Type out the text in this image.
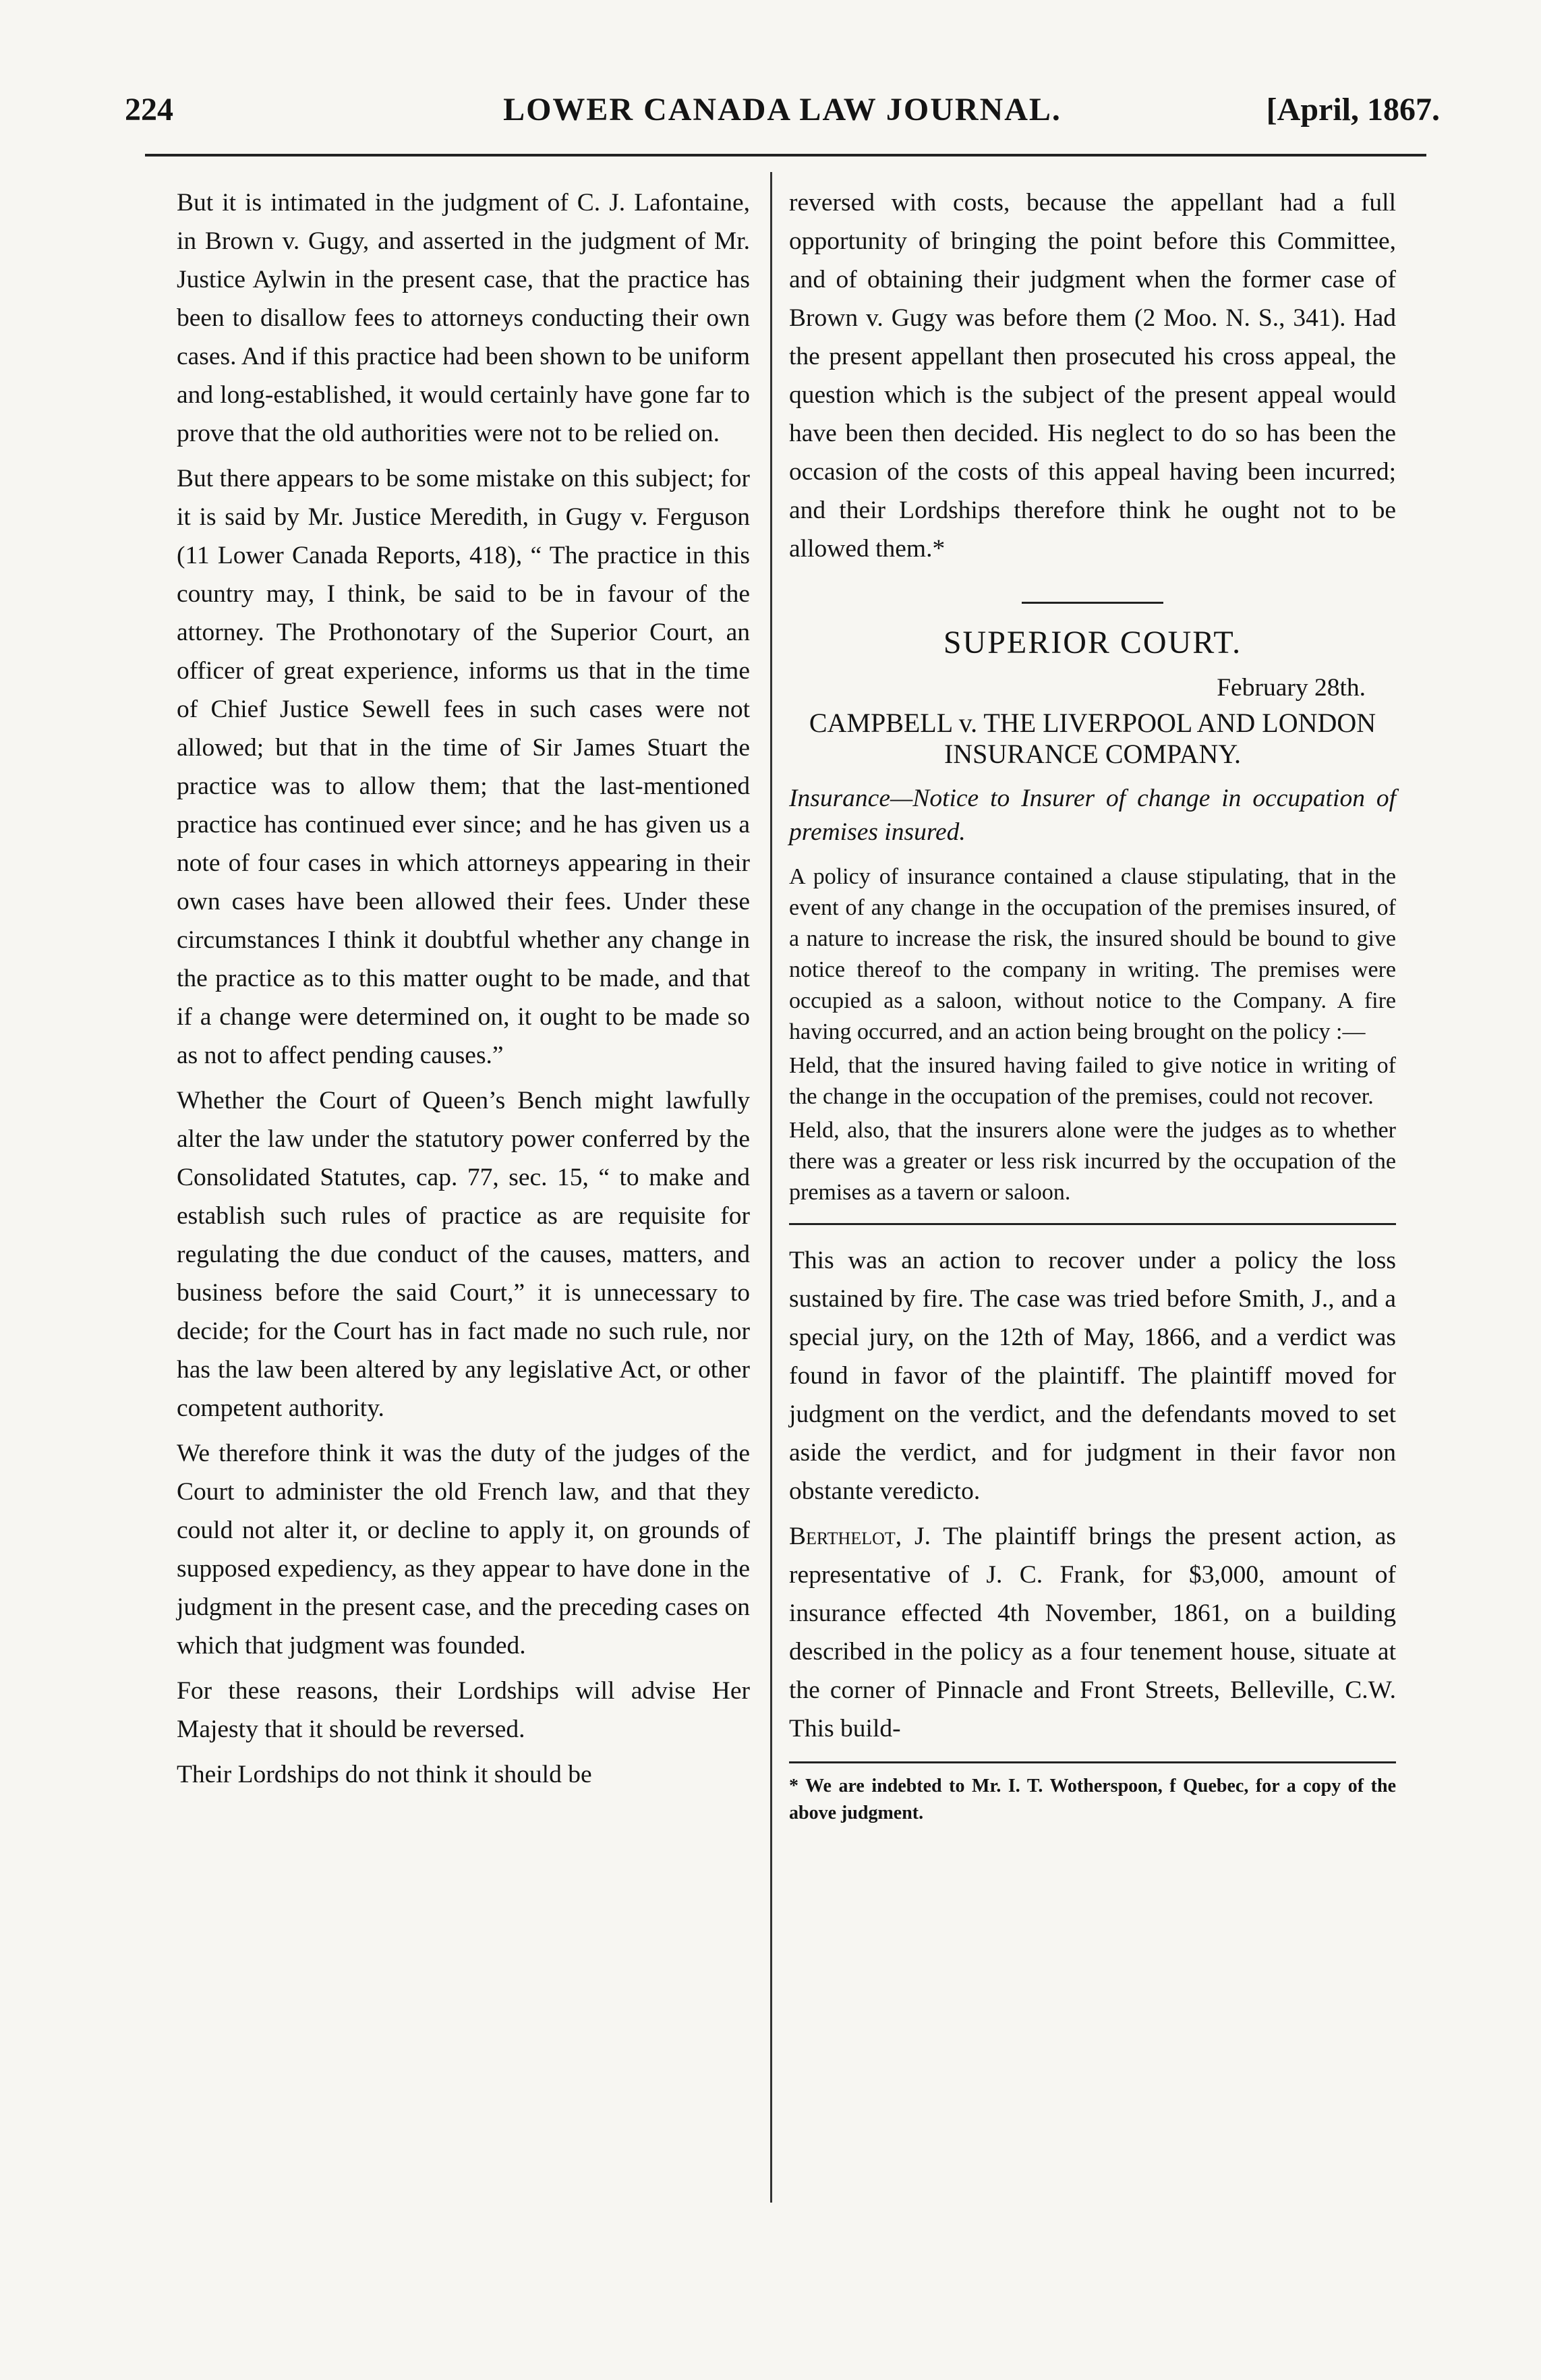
224	LOWER CANADA LAW JOURNAL.	[April, 1867.

But it is intimated in the judgment of C. J. Lafontaine, in Brown v. Gugy, and asserted in the judgment of Mr. Justice Aylwin in the present case, that the practice has been to disallow fees to attorneys conducting their own cases. And if this practice had been shown to be uniform and long-established, it would certainly have gone far to prove that the old authorities were not to be relied on.

But there appears to be some mistake on this subject; for it is said by Mr. Justice Meredith, in Gugy v. Ferguson (11 Lower Canada Reports, 418), “ The practice in this country may, I think, be said to be in favour of the attorney. The Prothonotary of the Superior Court, an officer of great experience, informs us that in the time of Chief Justice Sewell fees in such cases were not allowed; but that in the time of Sir James Stuart the practice was to allow them; that the last-mentioned practice has continued ever since; and he has given us a note of four cases in which attorneys appearing in their own cases have been allowed their fees. Under these circumstances I think it doubtful whether any change in the practice as to this matter ought to be made, and that if a change were determined on, it ought to be made so as not to affect pending causes.”

Whether the Court of Queen’s Bench might lawfully alter the law under the statutory power conferred by the Consolidated Statutes, cap. 77, sec. 15, “ to make and establish such rules of practice as are requisite for regulating the due conduct of the causes, matters, and business before the said Court,” it is unnecessary to decide; for the Court has in fact made no such rule, nor has the law been altered by any legislative Act, or other competent authority.

We therefore think it was the duty of the judges of the Court to administer the old French law, and that they could not alter it, or decline to apply it, on grounds of supposed expediency, as they appear to have done in the judgment in the present case, and the preceding cases on which that judgment was founded.

For these reasons, their Lordships will advise Her Majesty that it should be reversed.

Their Lordships do not think it should be

reversed with costs, because the appellant had a full opportunity of bringing the point before this Committee, and of obtaining their judgment when the former case of Brown v. Gugy was before them (2 Moo. N. S., 341). Had the present appellant then prosecuted his cross appeal, the question which is the subject of the present appeal would have been then decided. His neglect to do so has been the occasion of the costs of this appeal having been incurred; and their Lordships therefore think he ought not to be allowed them.*

SUPERIOR COURT.
February 28th.
CAMPBELL v. THE LIVERPOOL AND LONDON INSURANCE COMPANY.
Insurance—Notice to Insurer of change in occupation of premises insured.

A policy of insurance contained a clause stipulating, that in the event of any change in the occupation of the premises insured, of a nature to increase the risk, the insured should be bound to give notice thereof to the company in writing. The premises were occupied as a saloon, without notice to the Company. A fire having occurred, and an action being brought on the policy :—

Held, that the insured having failed to give notice in writing of the change in the occupation of the premises, could not recover.

Held, also, that the insurers alone were the judges as to whether there was a greater or less risk incurred by the occupation of the premises as a tavern or saloon.

This was an action to recover under a policy the loss sustained by fire. The case was tried before Smith, J., and a special jury, on the 12th of May, 1866, and a verdict was found in favor of the plaintiff. The plaintiff moved for judgment on the verdict, and the defendants moved to set aside the verdict, and for judgment in their favor non obstante veredicto.

Berthelot, J. The plaintiff brings the present action, as representative of J. C. Frank, for $3,000, amount of insurance effected 4th November, 1861, on a building described in the policy as a four tenement house, situate at the corner of Pinnacle and Front Streets, Belleville, C.W. This build-

* We are indebted to Mr. I. T. Wotherspoon, f Quebec, for a copy of the above judgment.
